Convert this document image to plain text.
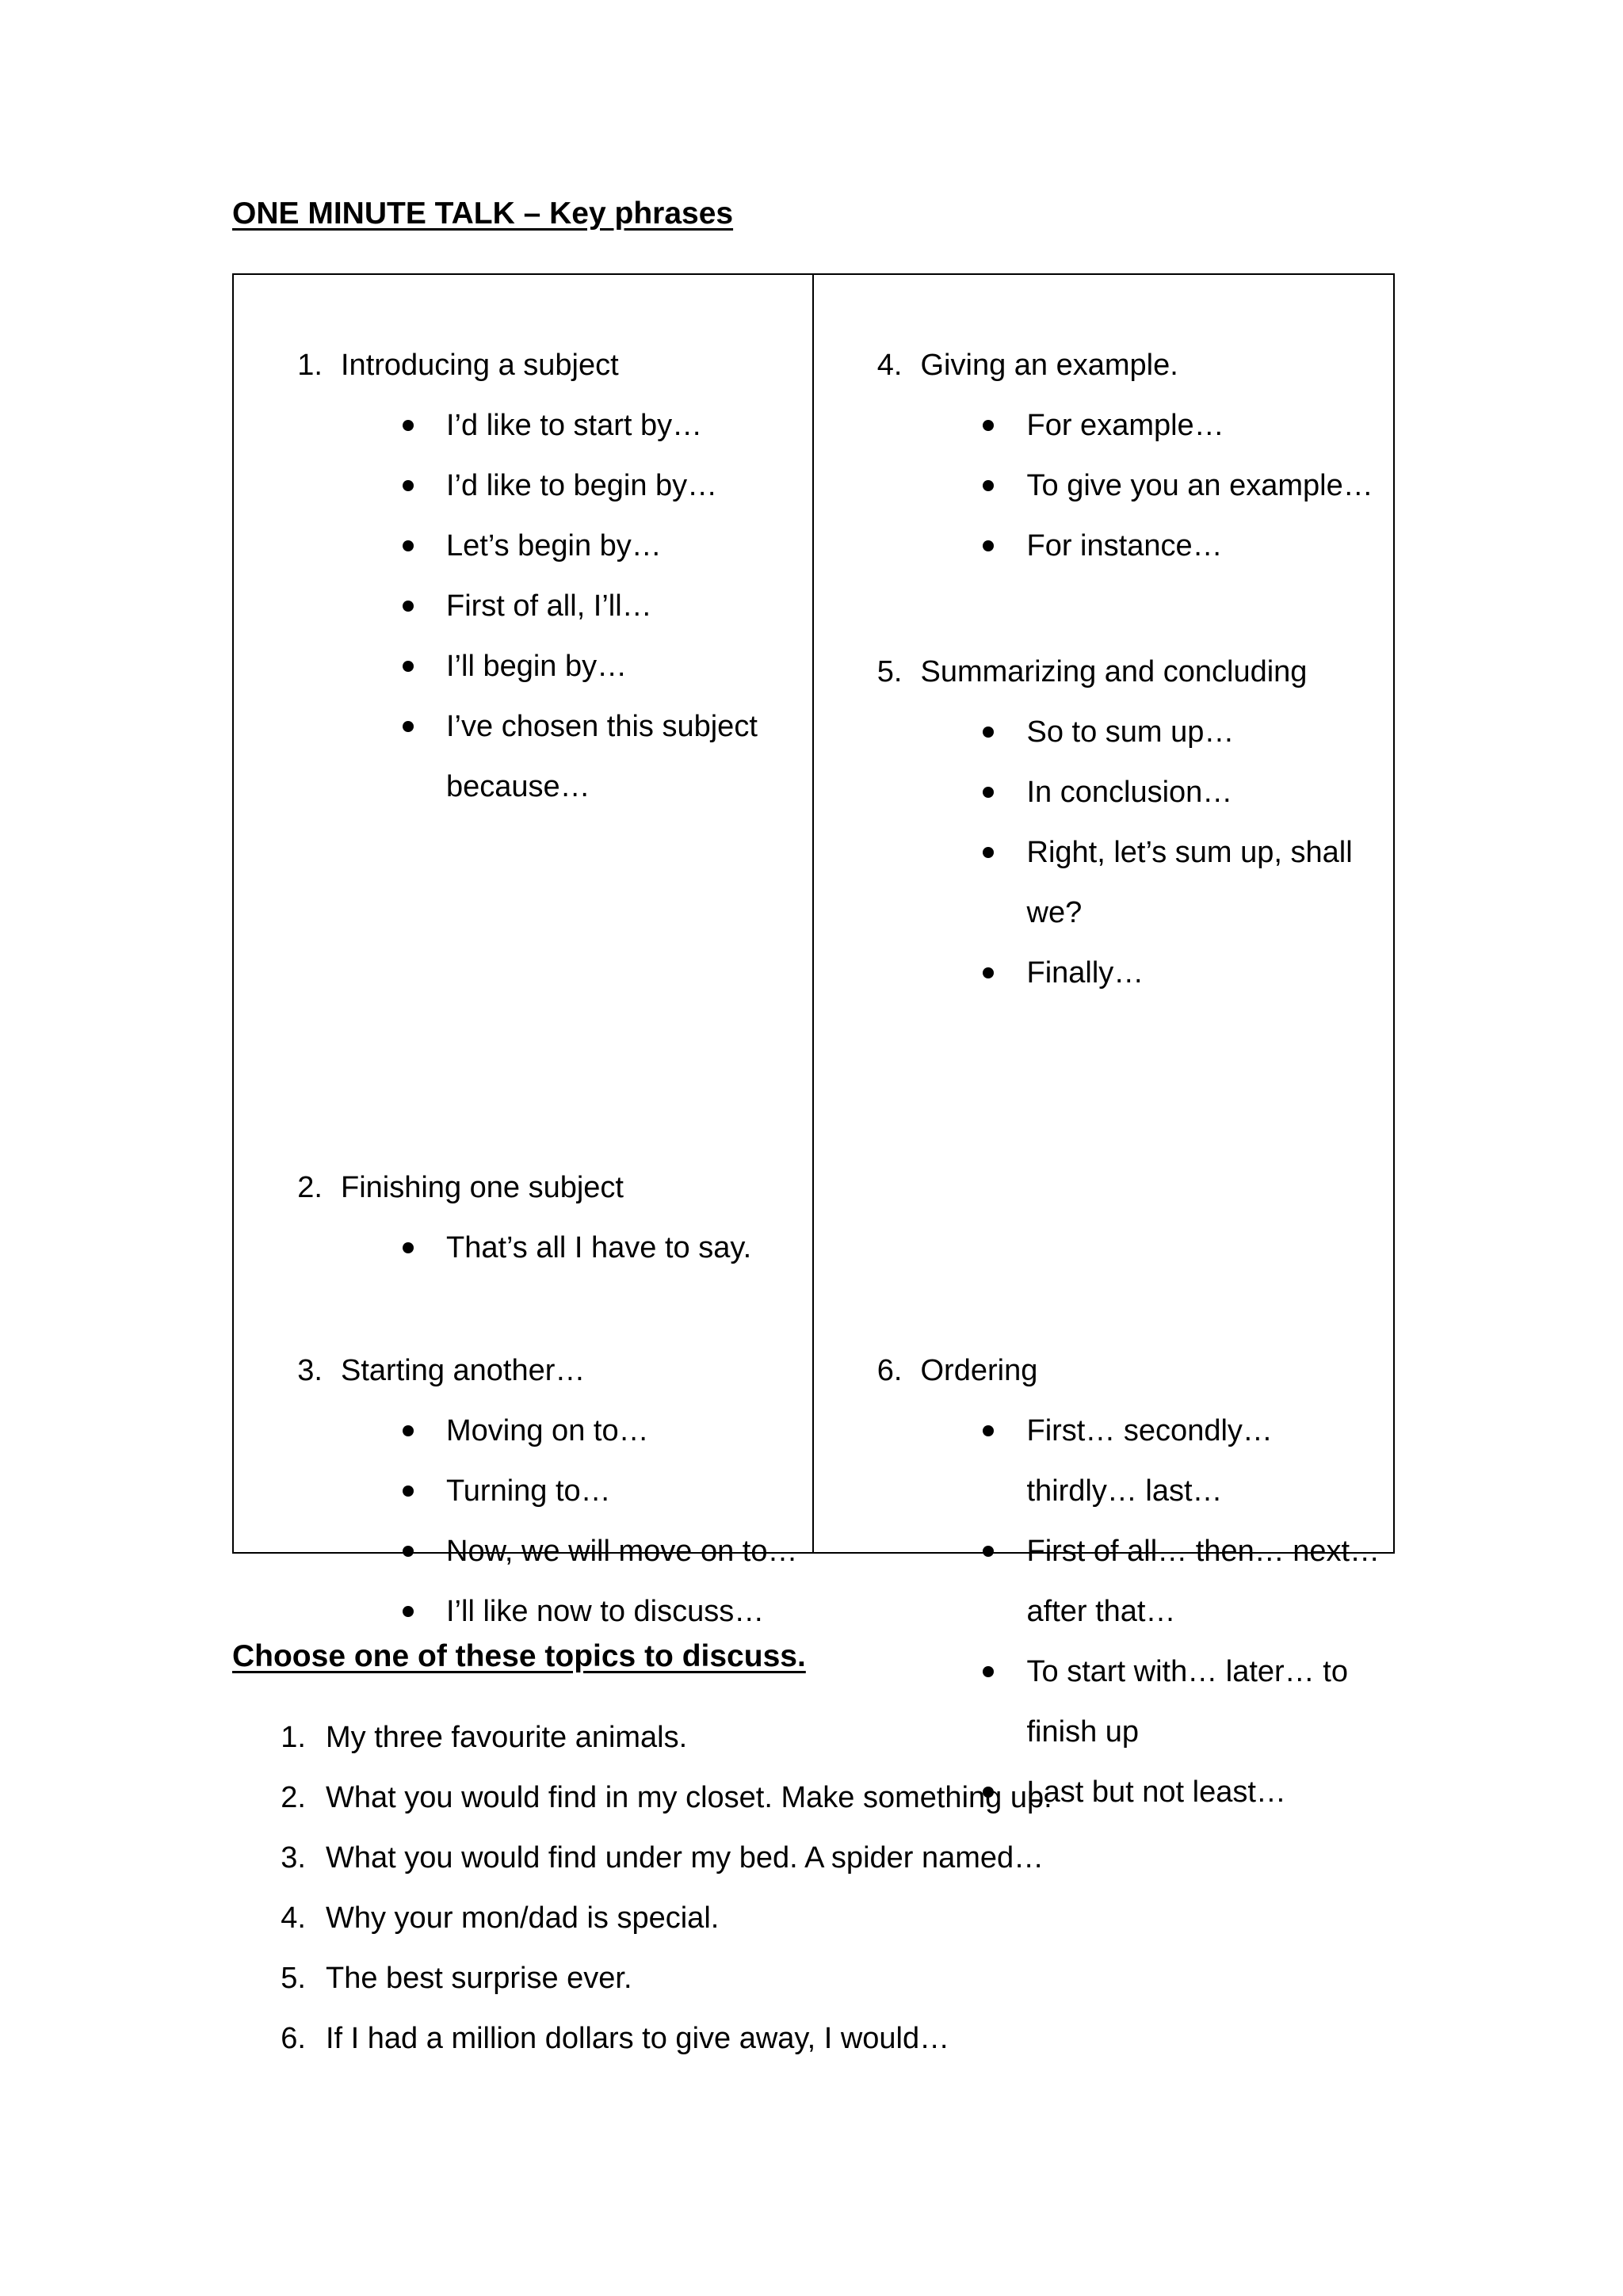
ONE MINUTE TALK – Key phrases
1. Introducing a subject
I’d like to start by…
I’d like to begin by…
Let’s begin by…
First of all, I’ll…
I’ll begin by…
I’ve chosen this subject because…
2. Finishing one subject
That’s all I have to say.
3. Starting another…
Moving on to…
Turning to…
Now, we will move on to…
I’ll like now to discuss…
4. Giving an example.
For example…
To give you an example…
For instance…
5. Summarizing and concluding
So to sum up…
In conclusion…
Right, let’s sum up, shall we?
Finally…
6. Ordering
First… secondly… thirdly… last…
First of all… then… next… after that…
To start with… later… to finish up
Last but not least…
Choose one of these topics to discuss.
1. My three favourite animals.
2. What you would find in my closet. Make something up.
3. What you would find under my bed. A spider named…
4. Why your mon/dad is special.
5. The best surprise ever.
6. If I had a million dollars to give away, I would…
